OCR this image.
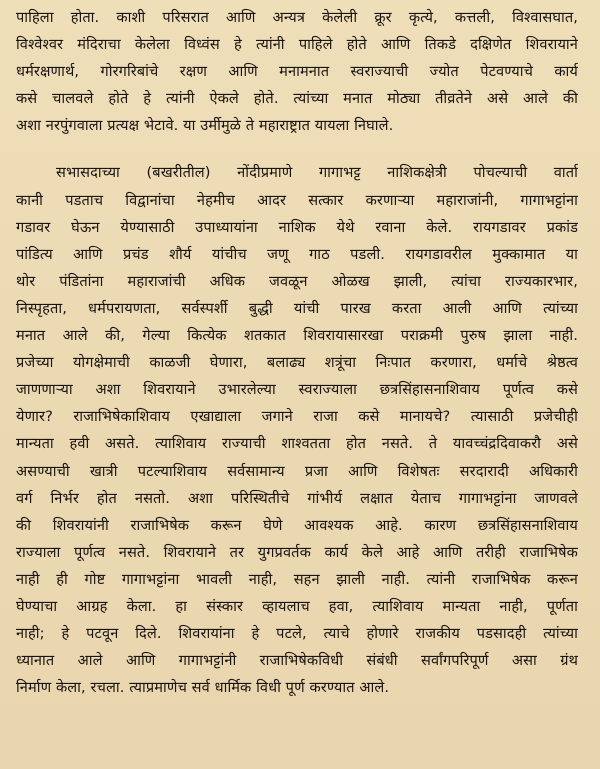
पाहिला होता. काशी परिसरात आणि अन्यत्र केलेली क्रूर कृत्ये, कत्तली, विश्वासघात,
विश्वेश्वर मंदिराचा केलेला विध्वंस हे त्यांनी पाहिले होते आणि तिकडे दक्षिणेत शिवरायाने
धर्मरक्षणार्थ, गोरगरिबांचे रक्षण आणि मनामनात स्वराज्याची ज्योत पेटवण्याचे कार्य
कसे चालवले होते हे त्यांनी ऐकले होते. त्यांच्या मनात मोठ्या तीव्रतेने असे आले की
अशा नरपुंगवाला प्रत्यक्ष भेटावे. या उर्मीमुळे ते महाराष्ट्रात यायला निघाले.
सभासदाच्या (बखरीतील) नोंदीप्रमाणे गागाभट्ट नाशिकक्षेत्री पोचल्याची वार्ता
कानी पडताच विद्वानांचा नेहमीच आदर सत्कार करणाऱ्या महाराजांनी, गागाभट्टांना
गडावर घेऊन येण्यासाठी उपाध्यायांना नाशिक येथे रवाना केले. रायगडावर प्रकांड
पांडित्य आणि प्रचंड शौर्य यांचीच जणू गाठ पडली. रायगडावरील मुक्कामात या
थोर पंडितांना महाराजांची अधिक जवळून ओळख झाली, त्यांचा राज्यकारभार,
निस्पृहता, धर्मपरायणता, सर्वस्पर्शी बुद्धी यांची पारख करता आली आणि त्यांच्या
मनात आले की, गेल्या कित्येक शतकात शिवरायासारखा पराक्रमी पुरुष झाला नाही.
प्रजेच्या योगक्षेमाची काळजी घेणारा, बलाढ्य शत्रूंचा निःपात करणारा, धर्माचे श्रेष्ठत्व
जाणणाऱ्या अशा शिवरायाने उभारलेल्या स्वराज्याला छत्रसिंहासनाशिवाय पूर्णत्व कसे
येणार? राजाभिषेकाशिवाय एखाद्याला जगाने राजा कसे मानायचे? त्यासाठी प्रजेचीही
मान्यता हवी असते. त्याशिवाय राज्याची शाश्वतता होत नसते. ते यावच्चंद्रदिवाकरौ असे
असण्याची खात्री पटल्याशिवाय सर्वसामान्य प्रजा आणि विशेषतः सरदारादी अधिकारी
वर्ग निर्भर होत नसतो. अशा परिस्थितीचे गांभीर्य लक्षात येताच गागाभट्टांना जाणवले
की शिवरायांनी राजाभिषेक करून घेणे आवश्यक आहे. कारण छत्रसिंहासनाशिवाय
राज्याला पूर्णत्व नसते. शिवरायाने तर युगप्रवर्तक कार्य केले आहे आणि तरीही राजाभिषेक
नाही ही गोष्ट गागाभट्टांना भावली नाही, सहन झाली नाही. त्यांनी राजाभिषेक करून
घेण्याचा आग्रह केला. हा संस्कार व्हायलाच हवा, त्याशिवाय मान्यता नाही, पूर्णता
नाही; हे पटवून दिले. शिवरायांना हे पटले, त्याचे होणारे राजकीय पडसादही त्यांच्या
ध्यानात आले आणि गागाभट्टांनी राजाभिषेकविधी संबंधी सर्वांगपरिपूर्ण असा ग्रंथ
निर्माण केला, रचला. त्याप्रमाणेच सर्व धार्मिक विधी पूर्ण करण्यात आले.
